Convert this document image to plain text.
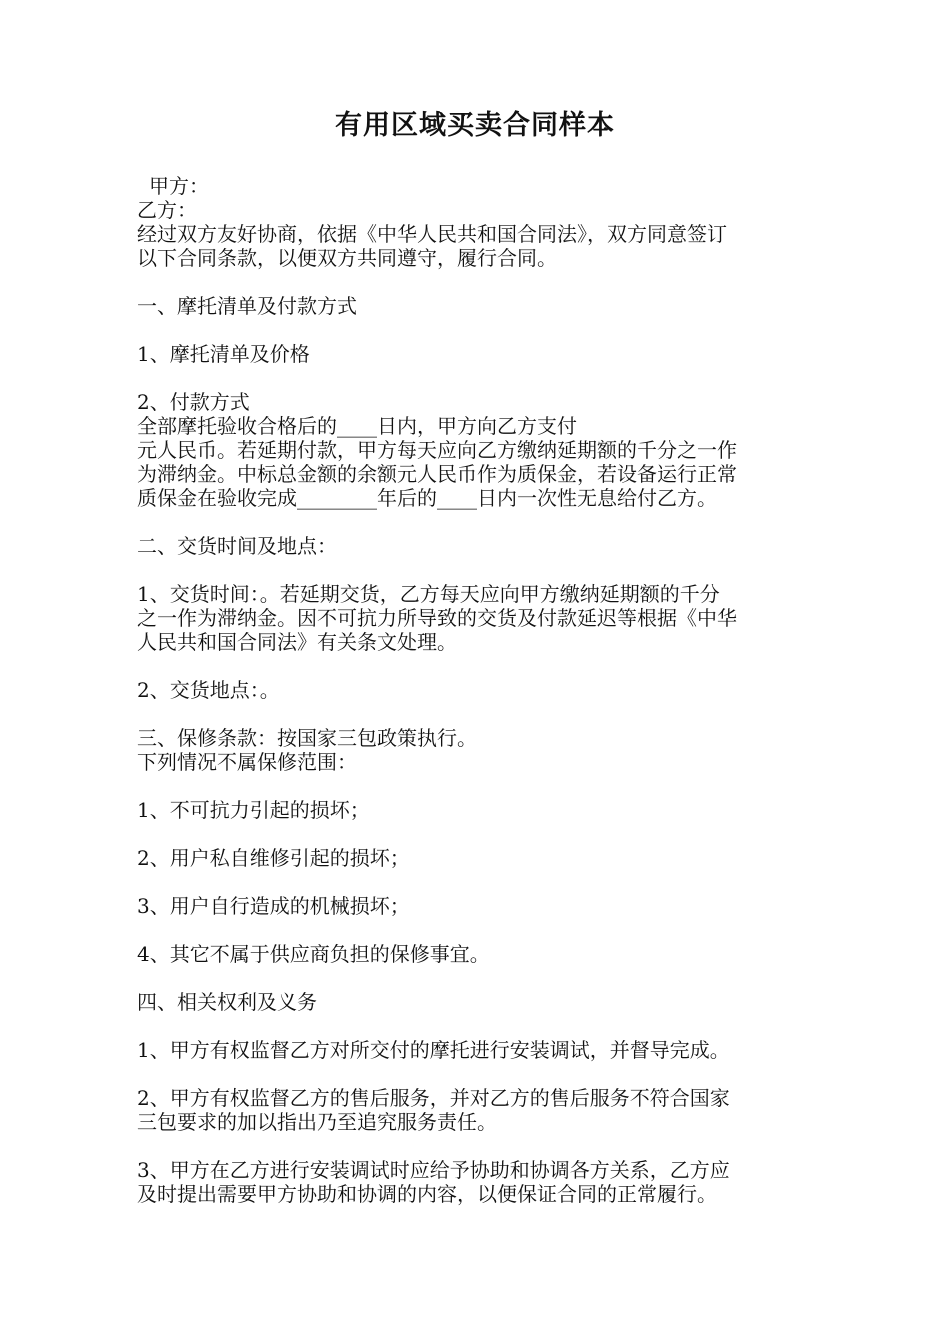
有用区域买卖合同样本
甲方：
乙方：
经过双方友好协商，依据《中华人民共和国合同法》，双方同意签订
以下合同条款，以便双方共同遵守，履行合同。
一、摩托清单及付款方式
1、摩托清单及价格
2、付款方式
全部摩托验收合格后的____日内，甲方向乙方支付
元人民币。若延期付款，甲方每天应向乙方缴纳延期额的千分之一作
为滞纳金。中标总金额的余额元人民币作为质保金，若设备运行正常
质保金在验收完成________年后的____日内一次性无息给付乙方。
二、交货时间及地点：
1、交货时间：。若延期交货，乙方每天应向甲方缴纳延期额的千分
之一作为滞纳金。因不可抗力所导致的交货及付款延迟等根据《中华
人民共和国合同法》有关条文处理。
2、交货地点：。
三、保修条款：按国家三包政策执行。
下列情况不属保修范围：
1、不可抗力引起的损坏；
2、用户私自维修引起的损坏；
3、用户自行造成的机械损坏；
4、其它不属于供应商负担的保修事宜。
四、相关权利及义务
1、甲方有权监督乙方对所交付的摩托进行安装调试，并督导完成。
2、甲方有权监督乙方的售后服务，并对乙方的售后服务不符合国家
三包要求的加以指出乃至追究服务责任。
3、甲方在乙方进行安装调试时应给予协助和协调各方关系，乙方应
及时提出需要甲方协助和协调的内容，以便保证合同的正常履行。
